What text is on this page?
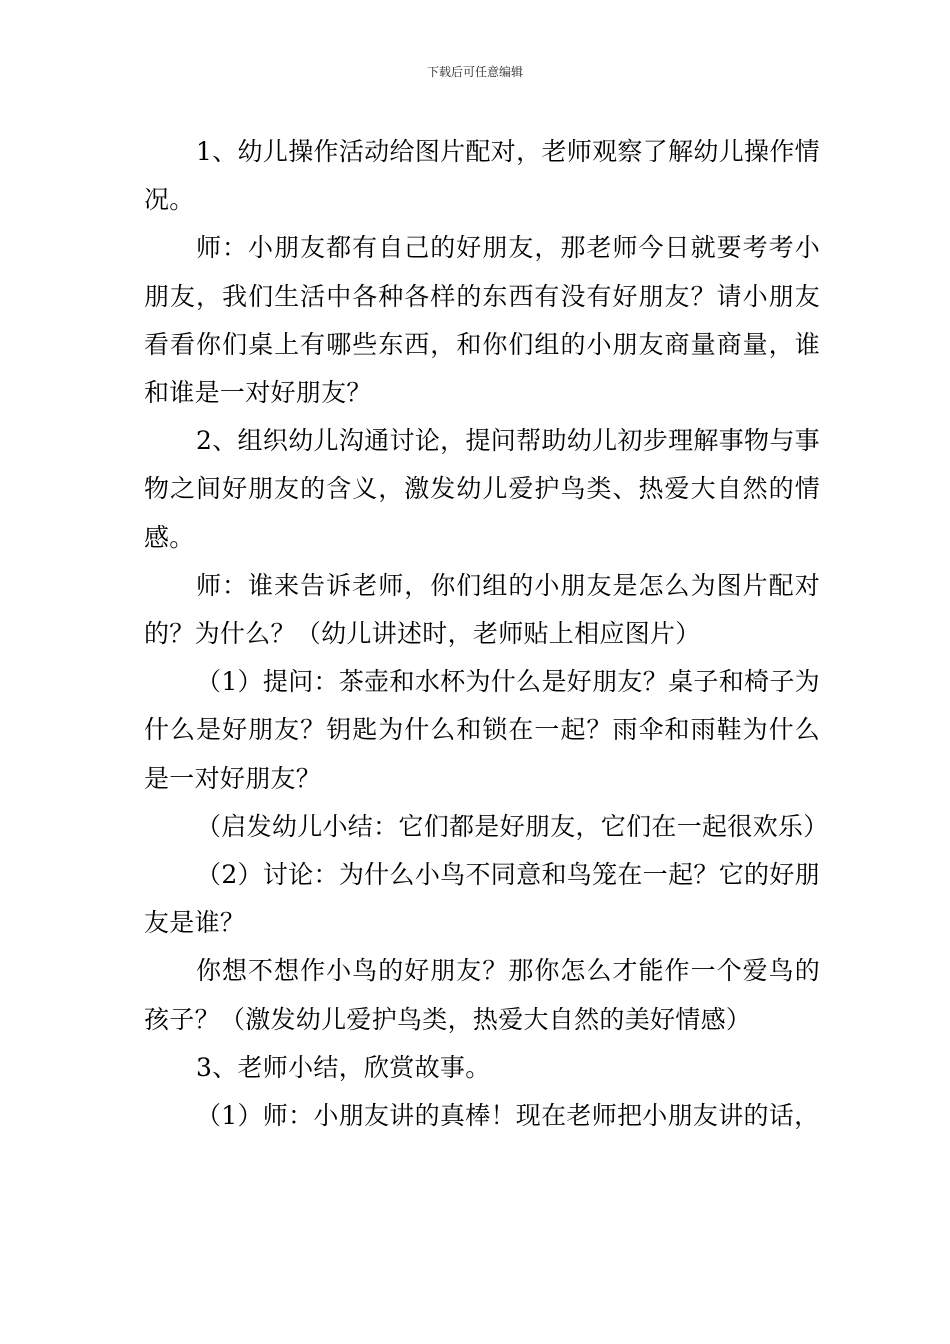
下载后可任意编辑

1、幼儿操作活动给图片配对，老师观察了解幼儿操作情况。

师：小朋友都有自己的好朋友，那老师今日就要考考小朋友，我们生活中各种各样的东西有没有好朋友？请小朋友看看你们桌上有哪些东西，和你们组的小朋友商量商量，谁和谁是一对好朋友？

2、组织幼儿沟通讨论，提问帮助幼儿初步理解事物与事物之间好朋友的含义，激发幼儿爱护鸟类、热爱大自然的情感。

师：谁来告诉老师，你们组的小朋友是怎么为图片配对的？为什么？（幼儿讲述时，老师贴上相应图片）

（1）提问：茶壶和水杯为什么是好朋友？桌子和椅子为什么是好朋友？钥匙为什么和锁在一起？雨伞和雨鞋为什么是一对好朋友？

（启发幼儿小结：它们都是好朋友，它们在一起很欢乐）

（2）讨论：为什么小鸟不同意和鸟笼在一起？它的好朋友是谁？

你想不想作小鸟的好朋友？那你怎么才能作一个爱鸟的孩子？（激发幼儿爱护鸟类，热爱大自然的美好情感）

3、老师小结，欣赏故事。

（1）师：小朋友讲的真棒！现在老师把小朋友讲的话，
